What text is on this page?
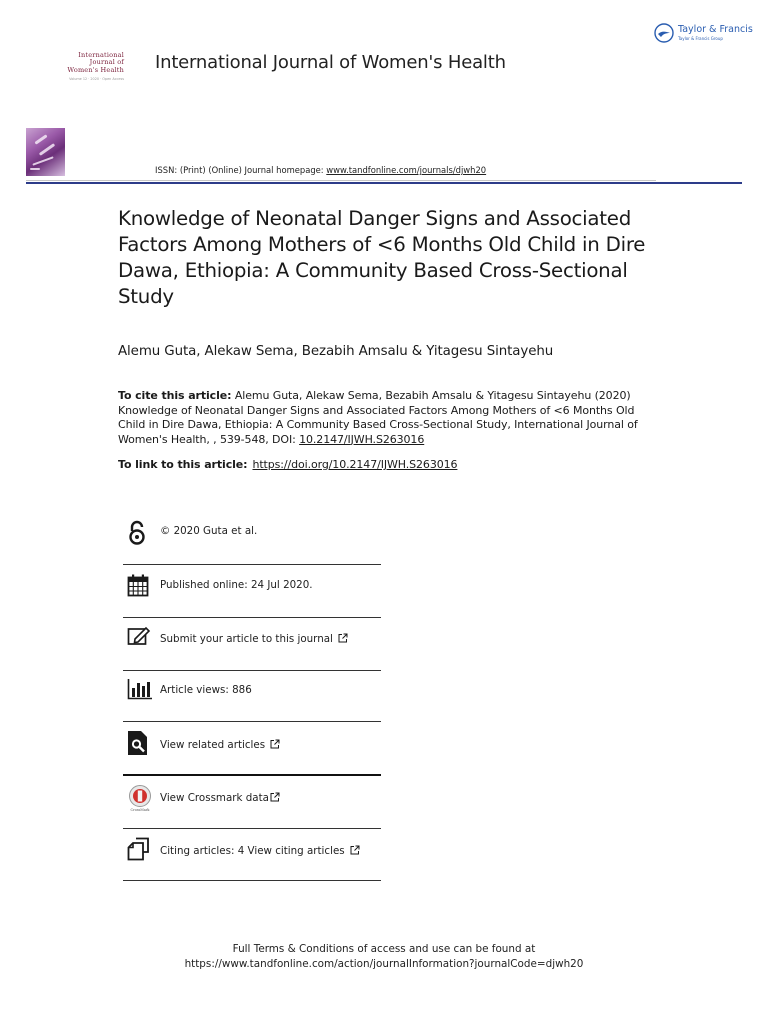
Taylor & Francis
Taylor & Francis Group
International
Journal of
Women's Health
Volume 12 · 2020 · Open Access
International Journal of Women's Health
ISSN: (Print) (Online) Journal homepage: www.tandfonline.com/journals/djwh20
Knowledge of Neonatal Danger Signs and Associated Factors Among Mothers of <6 Months Old Child in Dire Dawa, Ethiopia: A Community Based Cross-Sectional Study
Alemu Guta, Alekaw Sema, Bezabih Amsalu & Yitagesu Sintayehu
To cite this article: Alemu Guta, Alekaw Sema, Bezabih Amsalu & Yitagesu Sintayehu (2020) Knowledge of Neonatal Danger Signs and Associated Factors Among Mothers of <6 Months Old Child in Dire Dawa, Ethiopia: A Community Based Cross-Sectional Study, International Journal of Women's Health, , 539-548, DOI: 10.2147/IJWH.S263016
To link to this article: https://doi.org/10.2147/IJWH.S263016
© 2020 Guta et al.
Published online: 24 Jul 2020.
Submit your article to this journal
Article views: 886
View related articles
CrossMark
View Crossmark data
Citing articles: 4 View citing articles
Full Terms & Conditions of access and use can be found at
https://www.tandfonline.com/action/journalInformation?journalCode=djwh20
